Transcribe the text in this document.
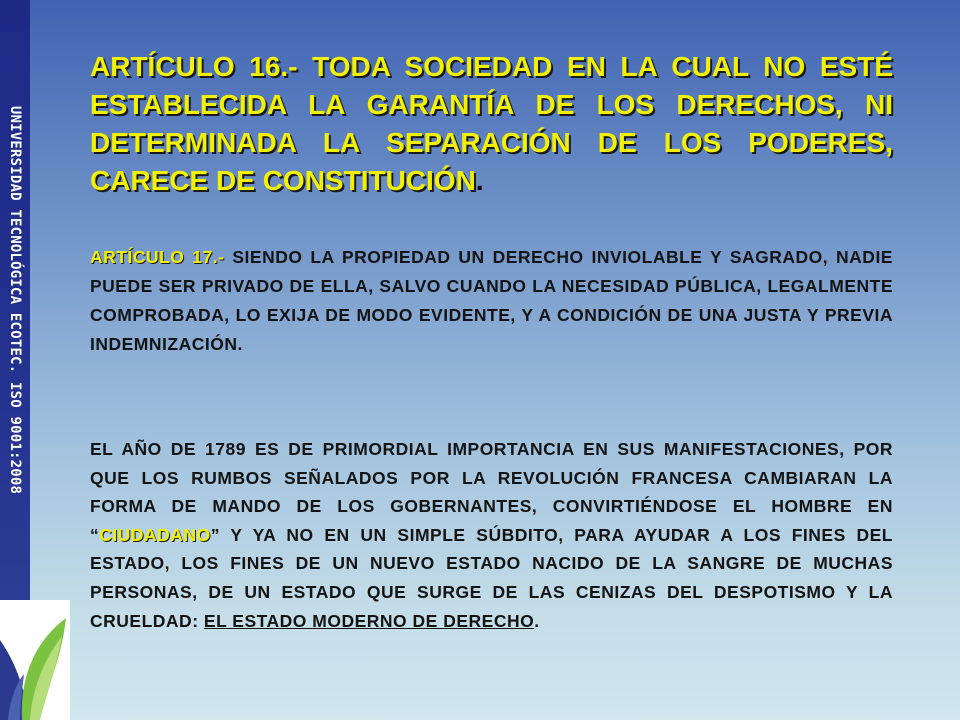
UNIVERSIDAD TECNOLÓGICA ECOTEC. ISO 9001:2008
ARTÍCULO 16.- TODA SOCIEDAD EN LA CUAL NO ESTÉ ESTABLECIDA LA GARANTÍA DE LOS DERECHOS, NI DETERMINADA LA SEPARACIÓN DE LOS PODERES, CARECE DE CONSTITUCIÓN.
ARTÍCULO 17.- SIENDO LA PROPIEDAD UN DERECHO INVIOLABLE Y SAGRADO, NADIE PUEDE SER PRIVADO DE ELLA, SALVO CUANDO LA NECESIDAD PÚBLICA, LEGALMENTE COMPROBADA, LO EXIJA DE MODO EVIDENTE, Y A CONDICIÓN DE UNA JUSTA Y PREVIA INDEMNIZACIÓN.
EL AÑO DE 1789 ES DE PRIMORDIAL IMPORTANCIA EN SUS MANIFESTACIONES, POR QUE LOS RUMBOS SEÑALADOS POR LA REVOLUCIÓN FRANCESA CAMBIARAN LA FORMA DE MANDO DE LOS GOBERNANTES, CONVIRTIÉNDOSE EL HOMBRE EN “CIUDADANO” Y YA NO EN UN SIMPLE SÚBDITO, PARA AYUDAR A LOS FINES DEL ESTADO, LOS FINES DE UN NUEVO ESTADO NACIDO DE LA SANGRE DE MUCHAS PERSONAS, DE UN ESTADO QUE SURGE DE LAS CENIZAS DEL DESPOTISMO Y LA CRUELDAD: EL ESTADO MODERNO DE DERECHO.
